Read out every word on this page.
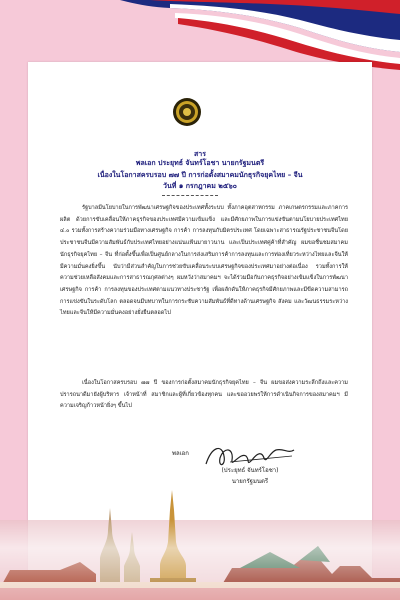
สาร
พลเอก ประยุทธ์ จันทร์โอชา นายกรัฐมนตรี
เนื่องในโอกาสครบรอบ ๗๗ ปี การก่อตั้งสมาคมนักธุรกิจยุคไทย – จีน
วันที่ ๑ กรกฎาคม ๒๕๖๐
รัฐบาลมีนโยบายในการพัฒนาเศรษฐกิจของประเทศทั้งระบบ ทั้งภาคอุตสาหกรรม ภาคเกษตรกรรมและภาคการผลิต ด้วยการขับเคลื่อนให้ภาคธุรกิจของประเทศมีความเข้มแข็ง และมีศักยภาพในการแข่งขันตามนโยบายประเทศไทย ๔.๐ รวมทั้งการสร้างความร่วมมือทางเศรษฐกิจ การค้า การลงทุนกับมิตรประเทศ โดยเฉพาะสาธารณรัฐประชาชนจีนโดยประชาชนจีนมีความสัมพันธ์กับประเทศไทยอย่างแน่นแฟ้นมายาวนาน และเป็นประเทศคู่ค้าที่สำคัญ ผมขอชื่นชมสมาคมนักธุรกิจยุคไทย – จีน ที่ก่อตั้งขึ้นเพื่อเป็นศูนย์กลางในการส่งเสริมการค้าการลงทุนและการท่องเที่ยวระหว่างไทยและจีนให้มีความมั่นคงยิ่งขึ้น นับว่ามีส่วนสำคัญในการช่วยขับเคลื่อนระบบเศรษฐกิจของประเทศมาอย่างต่อเนื่อง รวมทั้งการให้ความช่วยเหลือสังคมและการสาธารณกุศลต่างๆ ผมหวังว่าสมาคมฯ จะได้ร่วมมือกับภาคธุรกิจอย่างเข้มแข็งในการพัฒนาเศรษฐกิจ การค้า การลงทุนของประเทศตามแนวทางประชารัฐ เพื่อผลักดันให้ภาคธุรกิจมีศักยภาพและมีขีดความสามารถการแข่งขันในระดับโลก ตลอดจนมีบทบาทในการกระชับความสัมพันธ์ที่ดีทางด้านเศรษฐกิจ สังคม และวัฒนธรรมระหว่างไทยและจีนให้มีความมั่นคงอย่างยั่งยืนตลอดไป
เนื่องในโอกาสครบรอบ ๗๗ ปี ของการก่อตั้งสมาคมนักธุรกิจยุคไทย – จีน ผมขอส่งความระลึกถึงและความปรารถนาดีมายังผู้บริหาร เจ้าหน้าที่ สมาชิกและผู้ที่เกี่ยวข้องทุกคน และขออวยพรให้การดำเนินกิจการของสมาคมฯ มีความเจริญก้าวหน้ายิ่งๆ ขึ้นไป
พลเอก
(ประยุทธ์ จันทร์โอชา)
นายกรัฐมนตรี
